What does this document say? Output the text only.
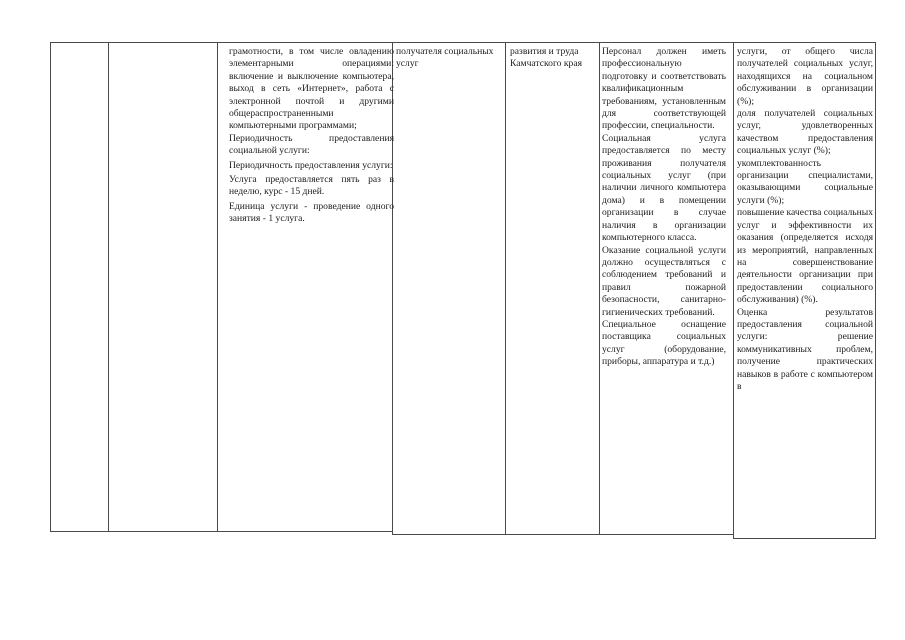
грамотности, в том числе овладению элементарными операциями: включение и выключение компьютера, выход в сеть «Интернет», работа с электронной почтой и другими общераспространенными компьютерными программами;

Периодичность предоставления социальной услуги:

Периодичность предоставления услуги:

Услуга предоставляется пять раз в неделю, курс - 15 дней.

Единица услуги - проведение одного занятия - 1 услуга.

получателя социальных услуг

развития и труда Камчатского края

Персонал должен иметь профессиональную подготовку и соответствовать квалификационным требованиям, установленным для соответствующей профессии, специальности.

Социальная услуга предоставляется по месту проживания получателя социальных услуг (при наличии личного компьютера дома) и в помещении организации в случае наличия в организации компьютерного класса.

Оказание социальной услуги должно осуществляться с соблюдением требований и правил пожарной безопасности, санитарно-гигиенических требований.

Специальное оснащение поставщика социальных услуг (оборудование, приборы, аппаратура и т.д.)

услуги, от общего числа получателей социальных услуг, находящихся на социальном обслуживании в организации (%);

доля получателей социальных услуг, удовлетворенных качеством предоставления социальных услуг (%);

укомплектованность организации специалистами, оказывающими социальные услуги (%);

повышение качества социальных услуг и эффективности их оказания (определяется исходя из мероприятий, направленных на совершенствование деятельности организации при предоставлении социального обслуживания) (%).

Оценка результатов предоставления социальной услуги: решение коммуникативных проблем, получение практических навыков в работе с компьютером в
